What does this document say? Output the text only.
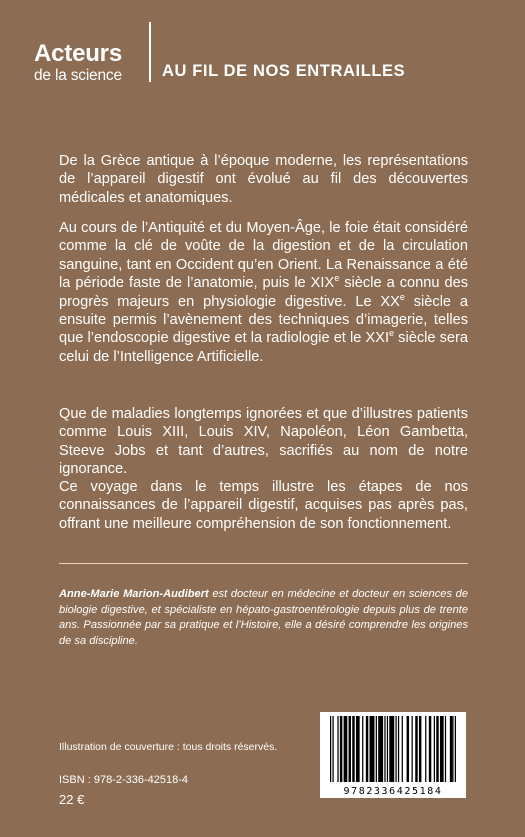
Acteurs
de la science AU FIL DE NOS ENTRAILLES

De la Grèce antique à l’époque moderne, les représentations de l’appareil digestif ont évolué au fil des découvertes médicales et anatomiques.

Au cours de l’Antiquité et du Moyen-Âge, le foie était considéré comme la clé de voûte de la digestion et de la circulation sanguine, tant en Occident qu’en Orient. La Renaissance a été la période faste de l’anatomie, puis le XIXe siècle a connu des progrès majeurs en physiologie digestive. Le XXe siècle a ensuite permis l’avènement des techniques d’imagerie, telles que l’endoscopie digestive et la radiologie et le XXIe siècle sera celui de l’Intelligence Artificielle.

Que de maladies longtemps ignorées et que d’illustres patients comme Louis XIII, Louis XIV, Napoléon, Léon Gambetta, Steeve Jobs et tant d’autres, sacrifiés au nom de notre ignorance.

Ce voyage dans le temps illustre les étapes de nos connaissances de l’appareil digestif, acquises pas après pas, offrant une meilleure compréhension de son fonctionnement.

Anne-Marie Marion-Audibert est docteur en médecine et docteur en sciences de biologie digestive, et spécialiste en hépato-gastroentérologie depuis plus de trente ans. Passionnée par sa pratique et l’Histoire, elle a désiré comprendre les origines de sa discipline.

Illustration de couverture : tous droits réservés.
ISBN : 978-2-336-42518-4
22 €
9782336425184
